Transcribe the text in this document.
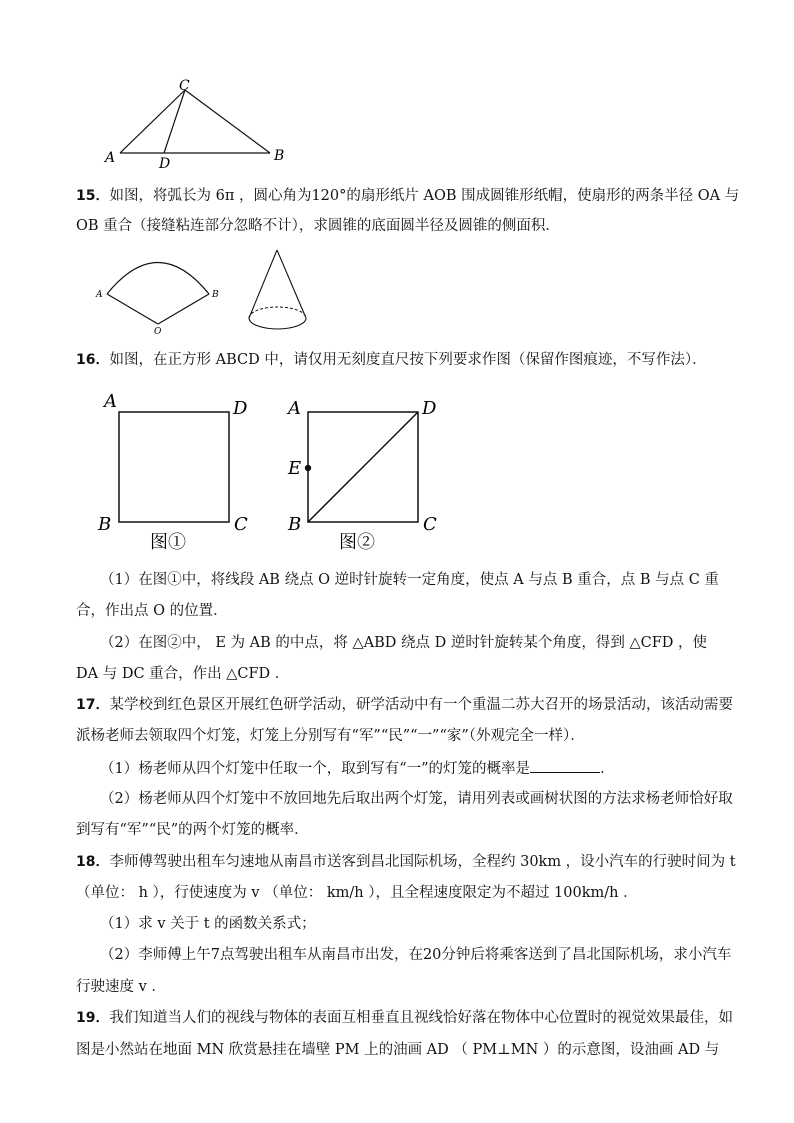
C
A	D	B
15．如图，将弧长为 6π ，圆心角为120°的扇形纸片 AOB 围成圆锥形纸帽，使扇形的两条半径 OA 与
OB 重合（接缝粘连部分忽略不计），求圆锥的底面圆半径及圆锥的侧面积．
A	B
O
16．如图，在正方形 ABCD 中，请仅用无刻度直尺按下列要求作图（保留作图痕迹，不写作法）．
A	D
B	C
图①
A	D
E
B	C
图②
（1）在图①中，将线段 AB 绕点 O 逆时针旋转一定角度，使点 A 与点 B 重合，点 B 与点 C 重
合，作出点 O 的位置．
（2）在图②中， E 为 AB 的中点，将 △ABD 绕点 D 逆时针旋转某个角度，得到 △CFD ，使
DA 与 DC 重合，作出 △CFD ．
17．某学校到红色景区开展红色研学活动，研学活动中有一个重温二苏大召开的场景活动，该活动需要
派杨老师去领取四个灯笼，灯笼上分别写有“军”“民”“一”“家”（外观完全一样）．
（1）杨老师从四个灯笼中任取一个，取到写有“一”的灯笼的概率是	．
（2）杨老师从四个灯笼中不放回地先后取出两个灯笼，请用列表或画树状图的方法求杨老师恰好取
到写有“军”“民”的两个灯笼的概率．
18．李师傅驾驶出租车匀速地从南昌市送客到昌北国际机场，全程约 30km ，设小汽车的行驶时间为 t
（单位： h ），行使速度为 v （单位： km/h ），且全程速度限定为不超过 100km/h ．
（1）求 v 关于 t 的函数关系式；
（2）李师傅上午7点驾驶出租车从南昌市出发，在20分钟后将乘客送到了昌北国际机场，求小汽车
行驶速度 v ．
19．我们知道当人们的视线与物体的表面互相垂直且视线恰好落在物体中心位置时的视觉效果最佳，如
图是小然站在地面 MN 欣赏悬挂在墙壁 PM 上的油画 AD （ PM⊥MN ）的示意图，设油画 AD 与
